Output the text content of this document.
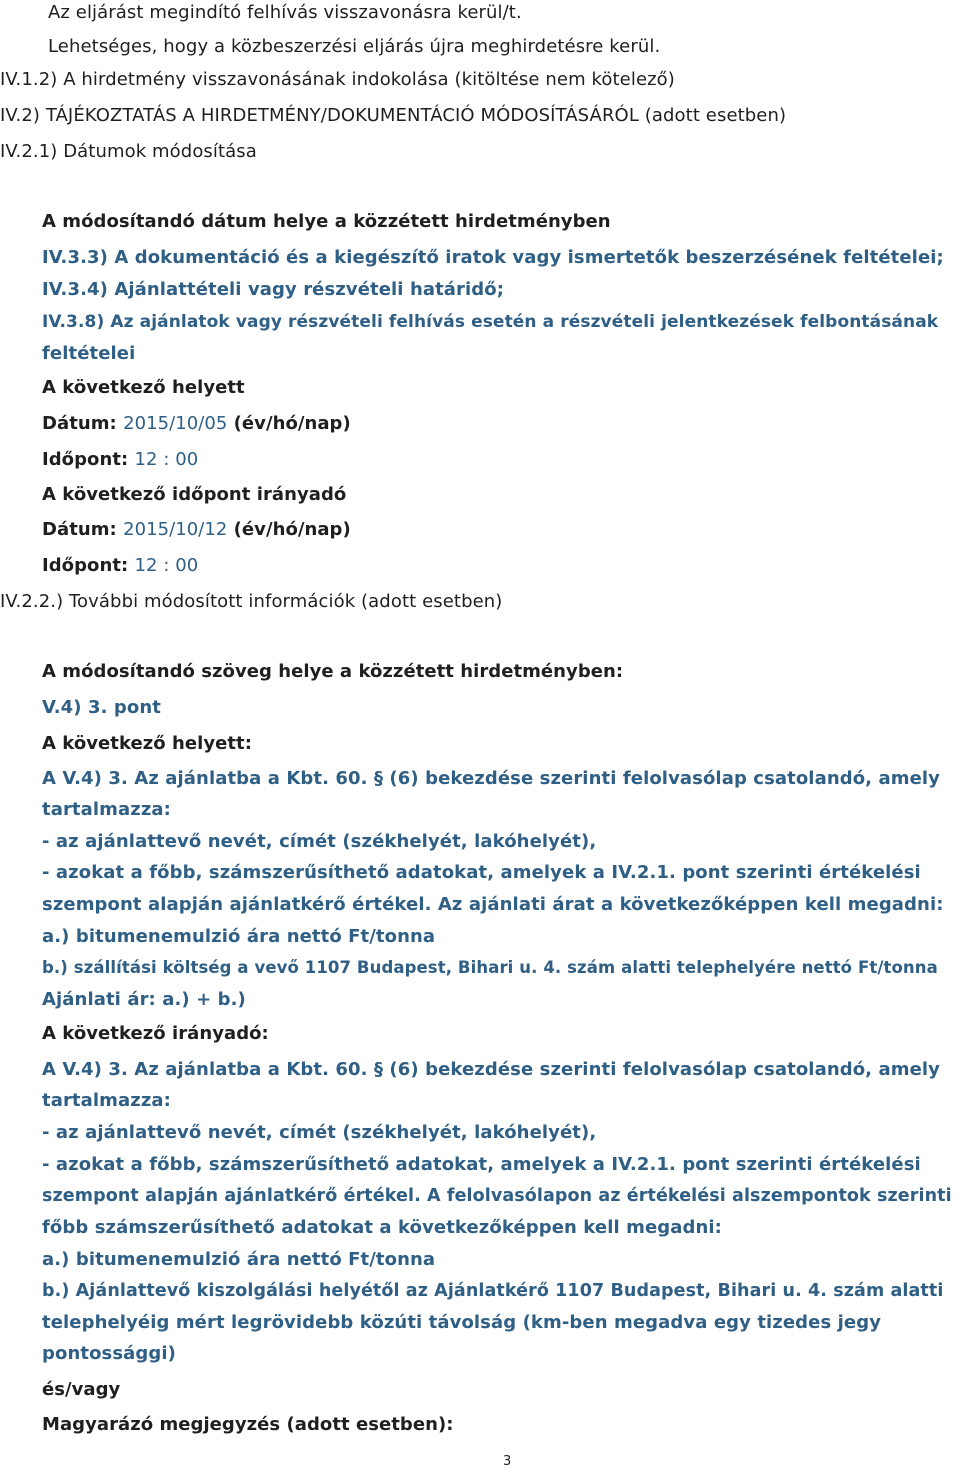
Az eljárást megindító felhívás visszavonásra kerül/t.
Lehetséges, hogy a közbeszerzési eljárás újra meghirdetésre kerül.
IV.1.2) A hirdetmény visszavonásának indokolása (kitöltése nem kötelező)
IV.2) TÁJÉKOZTATÁS A HIRDETMÉNY/DOKUMENTÁCIÓ MÓDOSÍTÁSÁRÓL (adott esetben)
IV.2.1) Dátumok módosítása
A módosítandó dátum helye a közzétett hirdetményben
IV.3.3) A dokumentáció és a kiegészítő iratok vagy ismertetők beszerzésének feltételei;
IV.3.4) Ajánlattételi vagy részvételi határidő;
IV.3.8) Az ajánlatok vagy részvételi felhívás esetén a részvételi jelentkezések felbontásának
feltételei
A következő helyett
Dátum: 2015/10/05 (év/hó/nap)
Időpont: 12 : 00
A következő időpont irányadó
Dátum: 2015/10/12 (év/hó/nap)
Időpont: 12 : 00
IV.2.2.) További módosított információk (adott esetben)
A módosítandó szöveg helye a közzétett hirdetményben:
V.4) 3. pont
A következő helyett:
A V.4) 3. Az ajánlatba a Kbt. 60. § (6) bekezdése szerinti felolvasólap csatolandó, amely
tartalmazza:
- az ajánlattevő nevét, címét (székhelyét, lakóhelyét),
- azokat a főbb, számszerűsíthető adatokat, amelyek a IV.2.1. pont szerinti értékelési
szempont alapján ajánlatkérő értékel. Az ajánlati árat a következőképpen kell megadni:
a.) bitumenemulzió ára nettó Ft/tonna
b.) szállítási költség a vevő 1107 Budapest, Bihari u. 4. szám alatti telephelyére nettó Ft/tonna
Ajánlati ár: a.) + b.)
A következő irányadó:
A V.4) 3. Az ajánlatba a Kbt. 60. § (6) bekezdése szerinti felolvasólap csatolandó, amely
tartalmazza:
- az ajánlattevő nevét, címét (székhelyét, lakóhelyét),
- azokat a főbb, számszerűsíthető adatokat, amelyek a IV.2.1. pont szerinti értékelési
szempont alapján ajánlatkérő értékel. A felolvasólapon az értékelési alszempontok szerinti
főbb számszerűsíthető adatokat a következőképpen kell megadni:
a.) bitumenemulzió ára nettó Ft/tonna
b.) Ajánlattevő kiszolgálási helyétől az Ajánlatkérő 1107 Budapest, Bihari u. 4. szám alatti
telephelyéig mért legrövidebb közúti távolság (km-ben megadva egy tizedes jegy
pontossággi)
és/vagy
Magyarázó megjegyzés (adott esetben):
3
